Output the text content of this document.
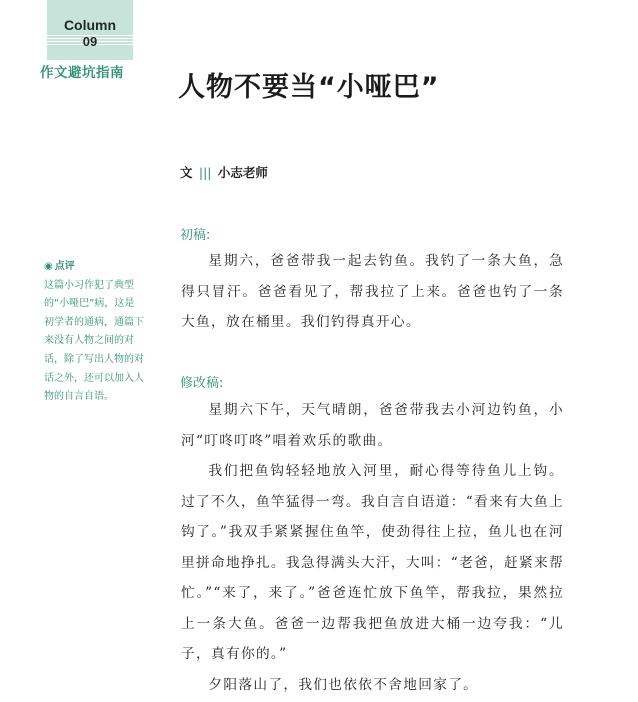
Column
09
作文避坑指南	人物不要当“小哑巴”
文 ||| 小志老师
◉ 点评
这篇小习作犯了典型的“小哑巴”病，这是初学者的通病，通篇下来没有人物之间的对话，除了写出人物的对话之外，还可以加入人物的自言自语。
初稿:

星期六，爸爸带我一起去钓鱼。我钓了一条大鱼，急得只冒汗。爸爸看见了，帮我拉了上来。爸爸也钓了一条大鱼，放在桶里。我们钓得真开心。

修改稿:

星期六下午，天气晴朗，爸爸带我去小河边钓鱼，小河“叮咚叮咚”唱着欢乐的歌曲。

我们把鱼钩轻轻地放入河里，耐心得等待鱼儿上钩。过了不久，鱼竿猛得一弯。我自言自语道：“看来有大鱼上钩了。”我双手紧紧握住鱼竿，使劲得往上拉，鱼儿也在河里拼命地挣扎。我急得满头大汗，大叫：“老爸，赶紧来帮忙。”“来了，来了。”爸爸连忙放下鱼竿，帮我拉，果然拉上一条大鱼。爸爸一边帮我把鱼放进大桶一边夸我：“儿子，真有你的。”

夕阳落山了，我们也依依不舍地回家了。
